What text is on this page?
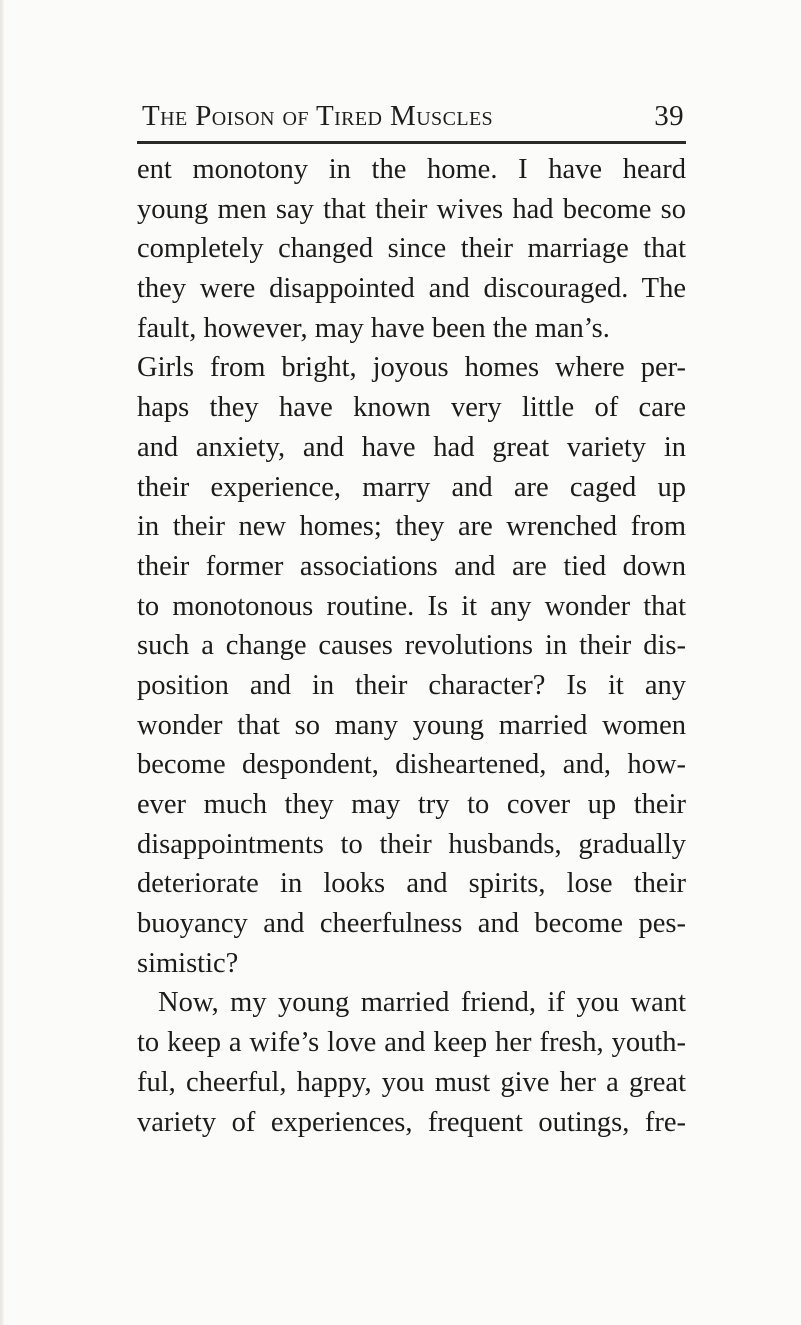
The Poison of Tired Muscles	39
ent monotony in the home. I have heard
young men say that their wives had become so
completely changed since their marriage that
they were disappointed and discouraged. The
fault, however, may have been the man’s.
Girls from bright, joyous homes where per-
haps they have known very little of care
and anxiety, and have had great variety in
their experience, marry and are caged up
in their new homes; they are wrenched from
their former associations and are tied down
to monotonous routine. Is it any wonder that
such a change causes revolutions in their dis-
position and in their character? Is it any
wonder that so many young married women
become despondent, disheartened, and, how-
ever much they may try to cover up their
disappointments to their husbands, gradually
deteriorate in looks and spirits, lose their
buoyancy and cheerfulness and become pes-
simistic?
Now, my young married friend, if you want
to keep a wife’s love and keep her fresh, youth-
ful, cheerful, happy, you must give her a great
variety of experiences, frequent outings, fre-
